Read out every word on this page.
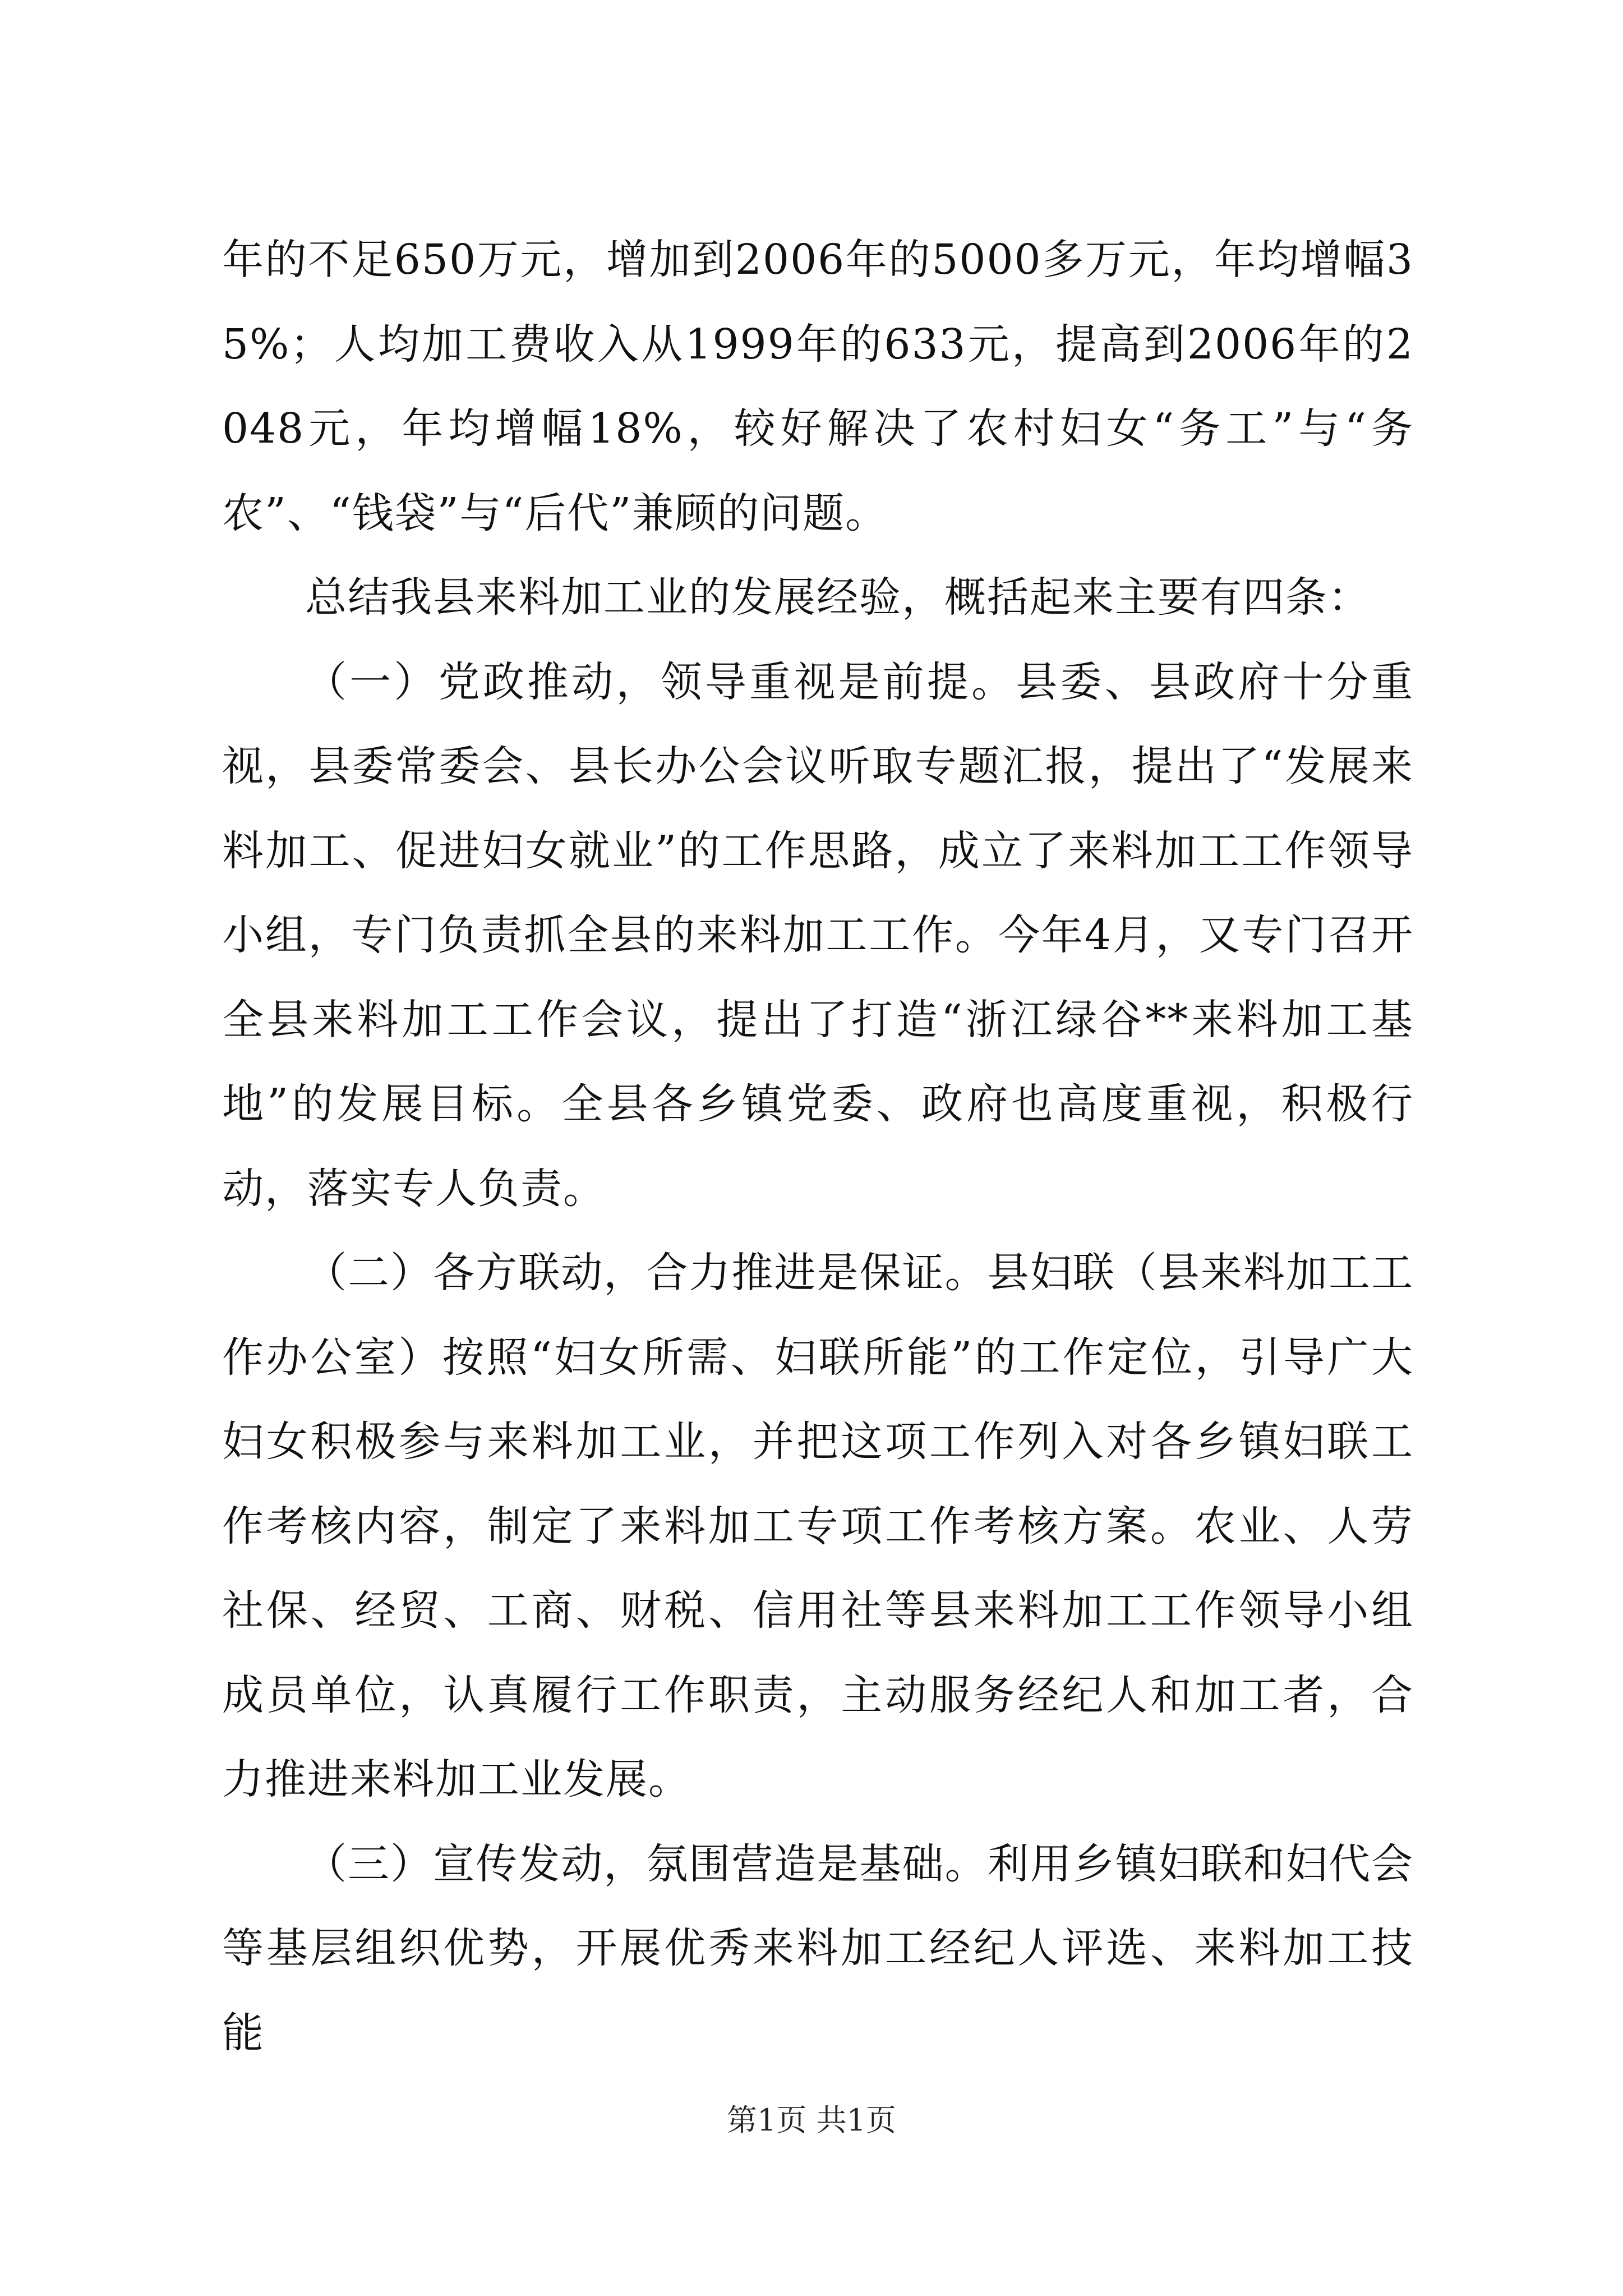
年的不足650万元，增加到2006年的5000多万元，年均增幅35%；人均加工费收入从1999年的633元，提高到2006年的2048元，年均增幅18%，较好解决了农村妇女“务工”与“务农”、“钱袋”与“后代”兼顾的问题。

总结我县来料加工业的发展经验，概括起来主要有四条：

（一）党政推动，领导重视是前提。县委、县政府十分重视，县委常委会、县长办公会议听取专题汇报，提出了“发展来料加工、促进妇女就业”的工作思路，成立了来料加工工作领导小组，专门负责抓全县的来料加工工作。今年4月，又专门召开全县来料加工工作会议，提出了打造“浙江绿谷**来料加工基地”的发展目标。全县各乡镇党委、政府也高度重视，积极行动，落实专人负责。

（二）各方联动，合力推进是保证。县妇联（县来料加工工作办公室）按照“妇女所需、妇联所能”的工作定位，引导广大妇女积极参与来料加工业，并把这项工作列入对各乡镇妇联工作考核内容，制定了来料加工专项工作考核方案。农业、人劳社保、经贸、工商、财税、信用社等县来料加工工作领导小组成员单位，认真履行工作职责，主动服务经纪人和加工者，合力推进来料加工业发展。

（三）宣传发动，氛围营造是基础。利用乡镇妇联和妇代会等基层组织优势，开展优秀来料加工经纪人评选、来料加工技能

第1页 共1页
